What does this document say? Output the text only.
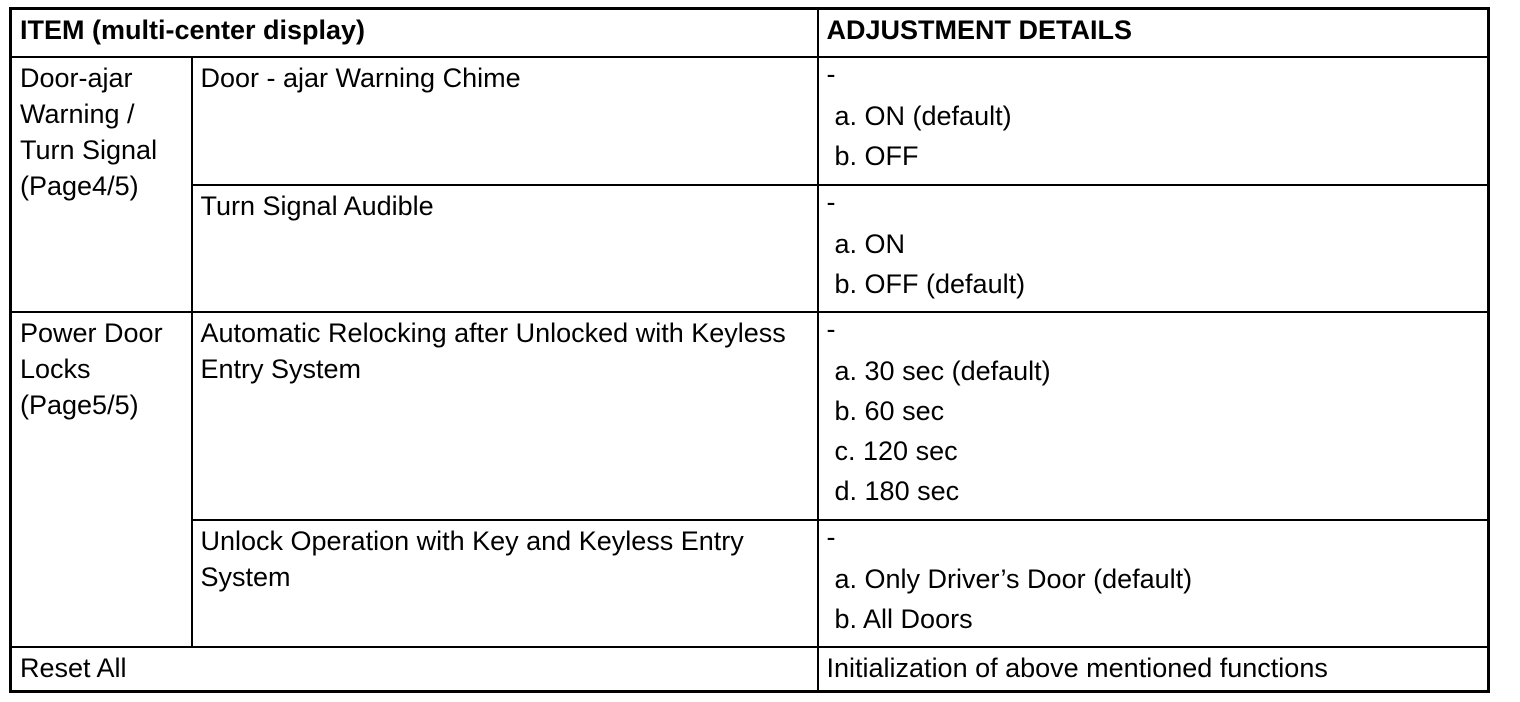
ITEM (multi-center display)		ADJUSTMENT DETAILS
Door-ajar Warning / Turn Signal (Page4/5)	Door - ajar Warning Chime	-
a. ON (default)
b. OFF

	Turn Signal Audible	-
a. ON
b. OFF (default)

Power Door Locks (Page5/5)	Automatic Relocking after Unlocked with Keyless Entry System	-
a. 30 sec (default)
b. 60 sec
c. 120 sec
d. 180 sec

	Unlock Operation with Key and Keyless Entry System	-
a. Only Driver’s Door (default)
b. All Doors

Reset All		Initialization of above mentioned functions
